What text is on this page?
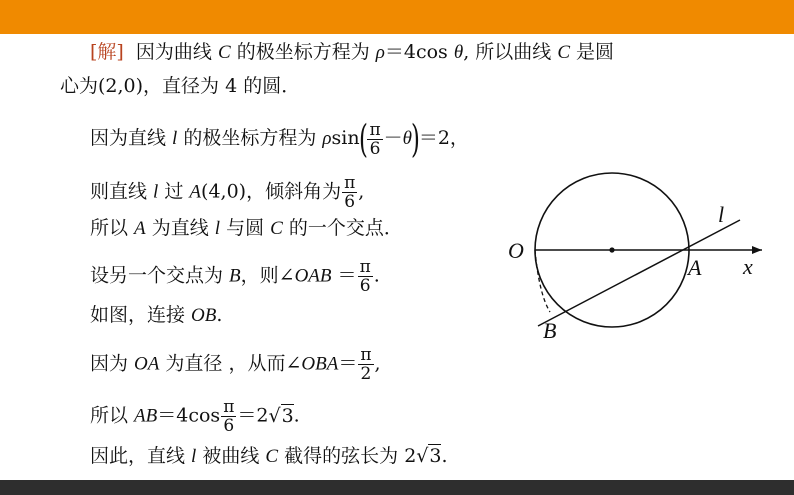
[解] 因为曲线 C 的极坐标方程为 ρ＝4cos θ, 所以曲线 C 是圆
心为(2,0)，直径为 4 的圆．
因为直线 l 的极坐标方程为 $\rho\sin( \frac{\pi}{6} -\theta)=2$，
则直线 l 过 A(4,0)，倾斜角为 $\frac{\pi}{6}$ ,
所以 A 为直线 l 与圆 C 的一个交点．
设另一个交点为 B，则∠OAB ＝ $\frac{\pi}{6}$ .
如图，连接 OB.
因为 OA 为直径 ，从而∠OBA＝ $\frac{\pi}{2}$ ,
所以 $AB=4\cos \frac{\pi}{6} =2√3$.
因此，直线 l 被曲线 C 截得的弦长为 2√3.
O
A x
l
B
